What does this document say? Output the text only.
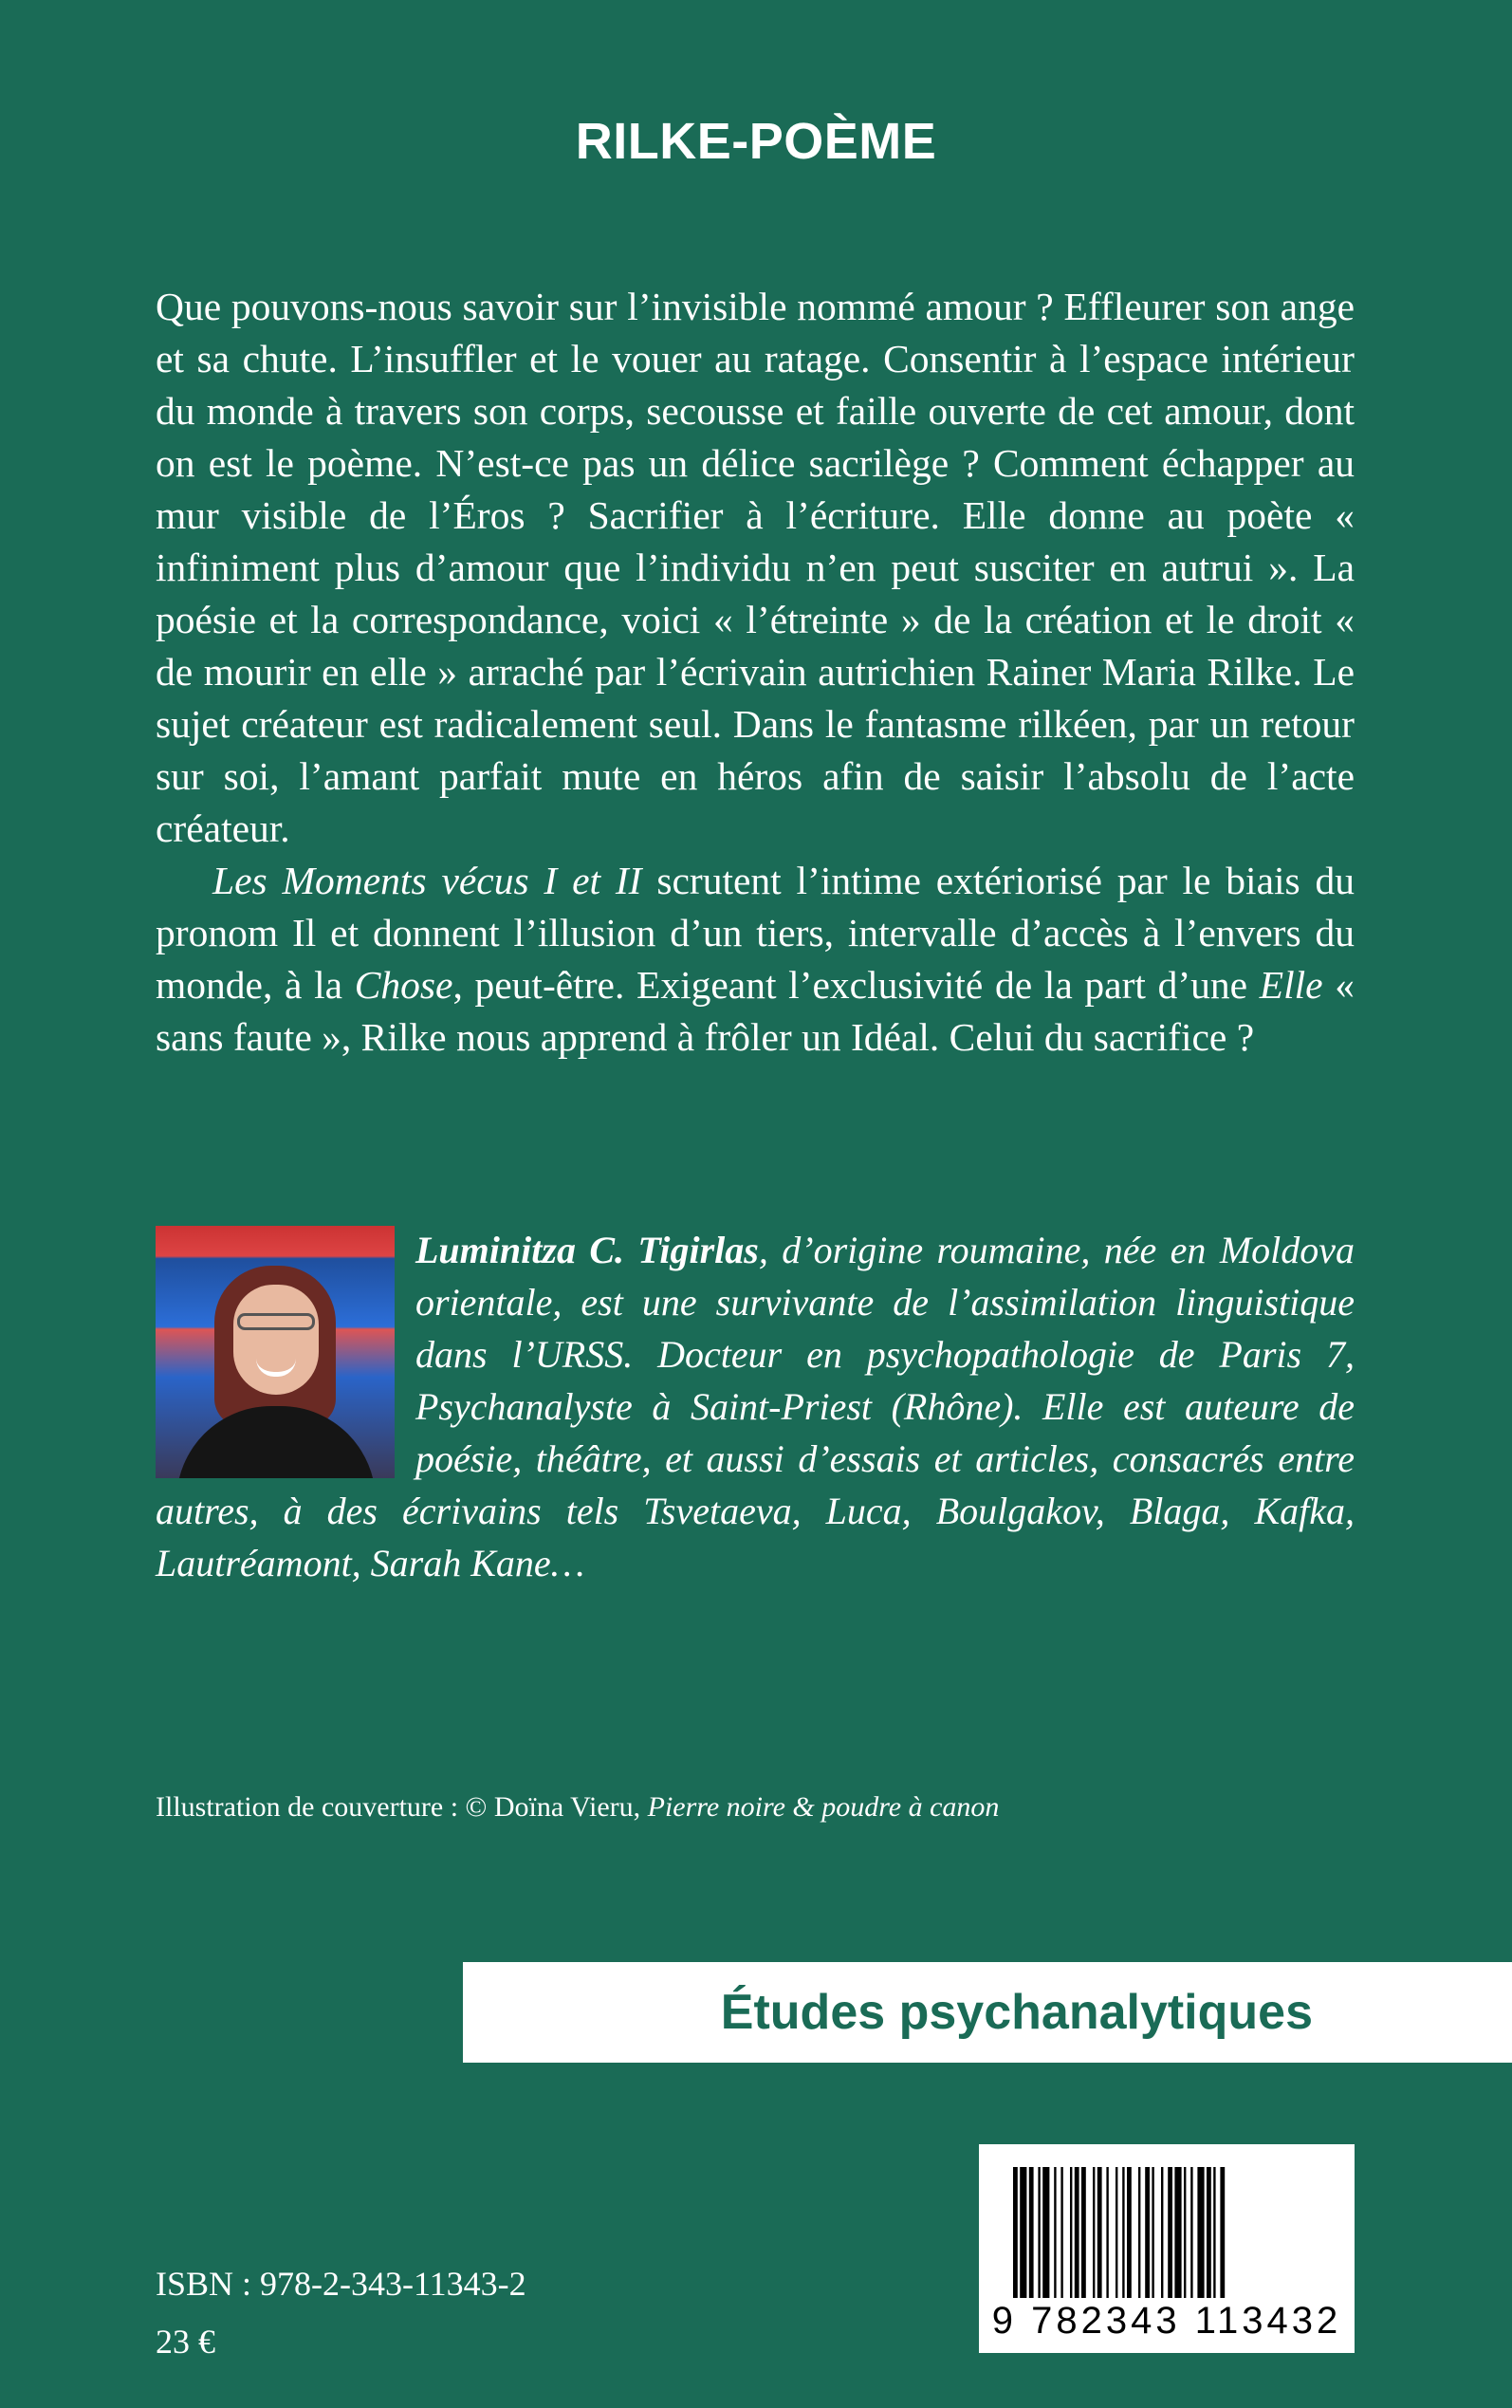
RILKE-POÈME

Que pouvons-nous savoir sur l’invisible nommé amour ? Effleurer son ange et sa chute. L’insuffler et le vouer au ratage. Consentir à l’espace intérieur du monde à travers son corps, secousse et faille ouverte de cet amour, dont on est le poème. N’est-ce pas un délice sacrilège ? Comment échapper au mur visible de l’Éros ? Sacrifier à l’écriture. Elle donne au poète « infiniment plus d’amour que l’individu n’en peut susciter en autrui ». La poésie et la correspondance, voici « l’étreinte » de la création et le droit « de mourir en elle » arraché par l’écrivain autrichien Rainer Maria Rilke. Le sujet créateur est radicalement seul. Dans le fantasme rilkéen, par un retour sur soi, l’amant parfait mute en héros afin de saisir l’absolu de l’acte créateur.

Les Moments vécus I et II scrutent l’intime extériorisé par le biais du pronom Il et donnent l’illusion d’un tiers, intervalle d’accès à l’envers du monde, à la Chose, peut-être. Exigeant l’exclusivité de la part d’une Elle « sans faute », Rilke nous apprend à frôler un Idéal. Celui du sacrifice ?

Luminitza C. Tigirlas, d’origine roumaine, née en Moldova orientale, est une survivante de l’assimilation linguistique dans l’URSS. Docteur en psychopathologie de Paris 7, Psychanalyste à Saint-Priest (Rhône). Elle est auteure de poésie, théâtre, et aussi d’essais et articles, consacrés entre autres, à des écrivains tels Tsvetaeva, Luca, Boulgakov, Blaga, Kafka, Lautréamont, Sarah Kane…
Illustration de couverture : © Doïna Vieru, Pierre noire & poudre à canon
Études psychanalytiques
9 782343 113432
ISBN : 978-2-343-11343-2
23 €
